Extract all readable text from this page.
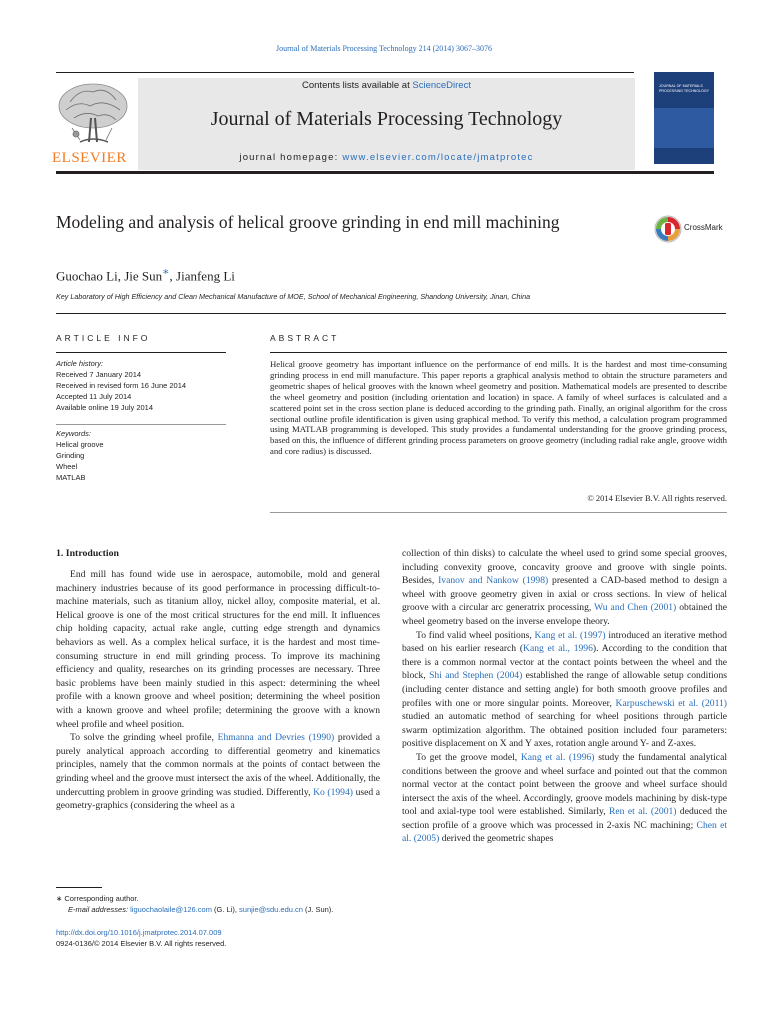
Journal of Materials Processing Technology 214 (2014) 3067–3076
ELSEVIER
Contents lists available at ScienceDirect
Journal of Materials Processing Technology
journal homepage: www.elsevier.com/locate/jmatprotec
JOURNAL OF MATERIALS PROCESSING TECHNOLOGY
Modeling and analysis of helical groove grinding in end mill machining	CrossMark
Guochao Li, Jie Sun∗, Jianfeng Li
Key Laboratory of High Efficiency and Clean Mechanical Manufacture of MOE, School of Mechanical Engineering, Shandong University, Jinan, China
ARTICLE INFO
Article history:
Received 7 January 2014
Received in revised form 16 June 2014
Accepted 11 July 2014
Available online 19 July 2014
Keywords:
Helical groove
Grinding
Wheel
MATLAB
ABSTRACT
Helical groove geometry has important influence on the performance of end mills. It is the hardest and most time-consuming grinding process in end mill manufacture. This paper reports a graphical analysis method to obtain the structure parameters and geometric shapes of helical grooves with the known wheel geometry and position. Mathematical models are presented to describe the wheel geometry and position (including orientation and location) in space. A family of wheel surfaces is calculated and a scattered point set in the cross section plane is deduced according to the grinding path. Finally, an original algorithm for the cross sectional outline profile identification is given using graphical method. To verify this method, a calculation program programmed using MATLAB programming is developed. This study provides a fundamental understanding for the groove grinding process, based on this, the influence of different grinding process parameters on groove geometry (including radial rake angle, groove width and core radius) is discussed.
© 2014 Elsevier B.V. All rights reserved.
1. Introduction

End mill has found wide use in aerospace, automobile, mold and general machinery industries because of its good performance in processing difficult-to-machine materials, such as titanium alloy, nickel alloy, composite material, et al. Helical groove is one of the most critical structures for the end mill. It influences chip holding capacity, actual rake angle, cutting edge strength and dynamics behaviors as well. As a complex helical surface, it is the hardest and most time-consuming structure in end mill grinding process. To improve its machining efficiency and quality, researches on its grinding processes are necessary. Three basic problems have been mainly studied in this aspect: determining the wheel profile with a known groove and wheel position; determining the wheel position with a known groove and wheel profile; determining the groove with a known wheel profile and wheel position.

To solve the grinding wheel profile, Ehmanna and Devries (1990) provided a purely analytical approach according to differential geometry and kinematics principles, namely that the common normals at the points of contact between the grinding wheel and the groove must intersect the axis of the wheel. Additionally, the undercutting problem in groove grinding was studied. Differently, Ko (1994) used a geometry-graphics (considering the wheel as a

collection of thin disks) to calculate the wheel used to grind some special grooves, including convexity groove, concavity groove and groove with single points. Besides, Ivanov and Nankow (1998) presented a CAD-based method to design a wheel with groove geometry given in axial or cross sections. In view of helical groove with a circular arc generatrix processing, Wu and Chen (2001) obtained the wheel geometry based on the inverse envelope theory.

To find valid wheel positions, Kang et al. (1997) introduced an iterative method based on his earlier research (Kang et al., 1996). According to the condition that there is a common normal vector at the contact points between the wheel and the block, Shi and Stephen (2004) established the range of allowable setup conditions (including center distance and setting angle) for both smooth groove profiles and profiles with one or more singular points. Moreover, Karpuschewski et al. (2011) studied an automatic method of searching for wheel positions through particle swarm optimization algorithm. The obtained position included four parameters: positive displacement on X and Y axes, rotation angle around Y- and Z-axes.

To get the groove model, Kang et al. (1996) study the fundamental analytical conditions between the groove and wheel surface and pointed out that the common normal vector at the contact point between the groove and wheel surface should intersect the axis of the wheel. Accordingly, groove models machining by disk-type tool and axial-type tool were established. Similarly, Ren et al. (2001) deduced the section profile of a groove which was processed in 2-axis NC machining; Chen et al. (2005) derived the geometric shapes

∗ Corresponding author.
E-mail addresses: liguochaolaile@126.com (G. Li), sunjie@sdu.edu.cn (J. Sun).
http://dx.doi.org/10.1016/j.jmatprotec.2014.07.009
0924-0136/© 2014 Elsevier B.V. All rights reserved.
